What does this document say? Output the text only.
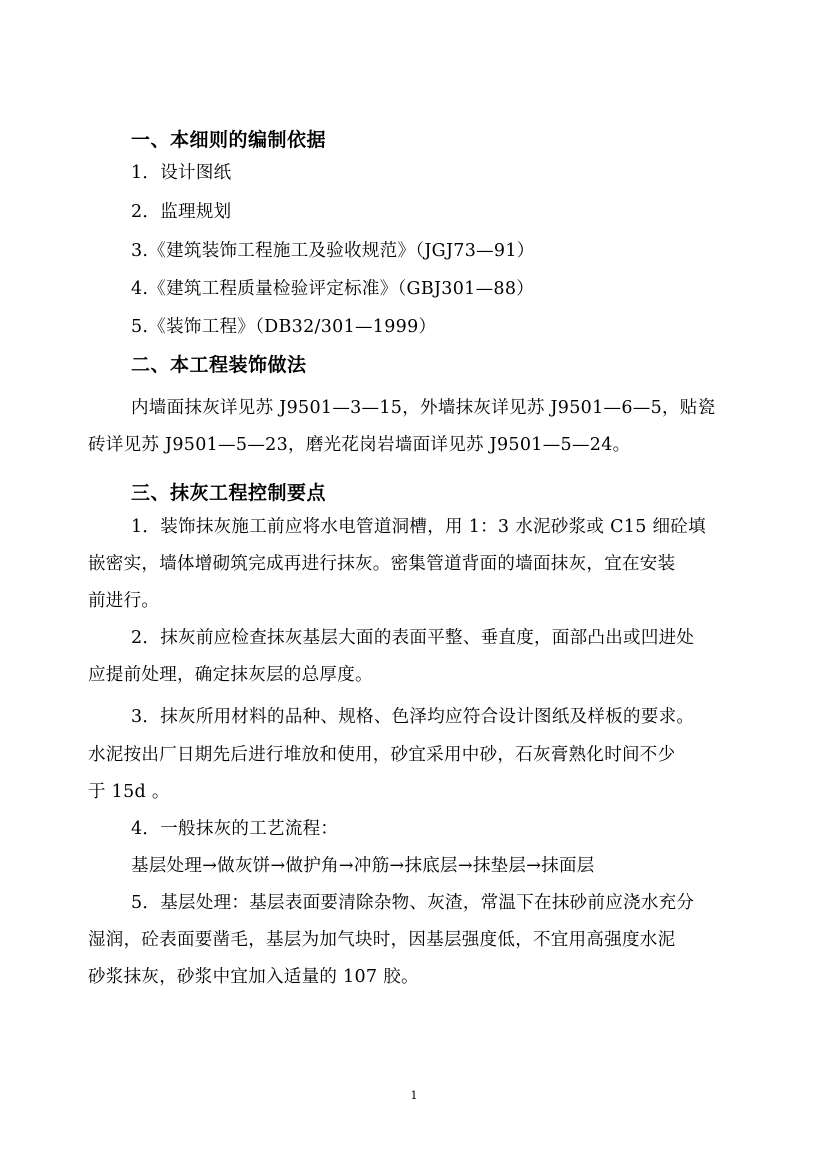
一、本细则的编制依据
1．设计图纸
2．监理规划
3.《建筑装饰工程施工及验收规范》（JGJ73—91）
4.《建筑工程质量检验评定标准》（GBJ301—88）
5.《装饰工程》（DB32/301—1999）
二、本工程装饰做法
内墙面抹灰详见苏 J9501—3—15，外墙抹灰详见苏 J9501—6—5，贴瓷
砖详见苏 J9501—5—23，磨光花岗岩墙面详见苏 J9501—5—24。
三、抹灰工程控制要点
1．装饰抹灰施工前应将水电管道洞槽，用 1：3 水泥砂浆或 C15 细砼填
嵌密实，墙体增砌筑完成再进行抹灰。密集管道背面的墙面抹灰，宜在安装
前进行。
2．抹灰前应检查抹灰基层大面的表面平整、垂直度，面部凸出或凹进处
应提前处理，确定抹灰层的总厚度。
3．抹灰所用材料的品种、规格、色泽均应符合设计图纸及样板的要求。
水泥按出厂日期先后进行堆放和使用，砂宜采用中砂，石灰膏熟化时间不少
于 15d 。
4．一般抹灰的工艺流程：
基层处理→做灰饼→做护角→冲筋→抹底层→抹垫层→抹面层
5．基层处理：基层表面要清除杂物、灰渣，常温下在抹砂前应浇水充分
湿润，砼表面要凿毛，基层为加气块时，因基层强度低，不宜用高强度水泥
砂浆抹灰，砂浆中宜加入适量的 107 胶。
1
